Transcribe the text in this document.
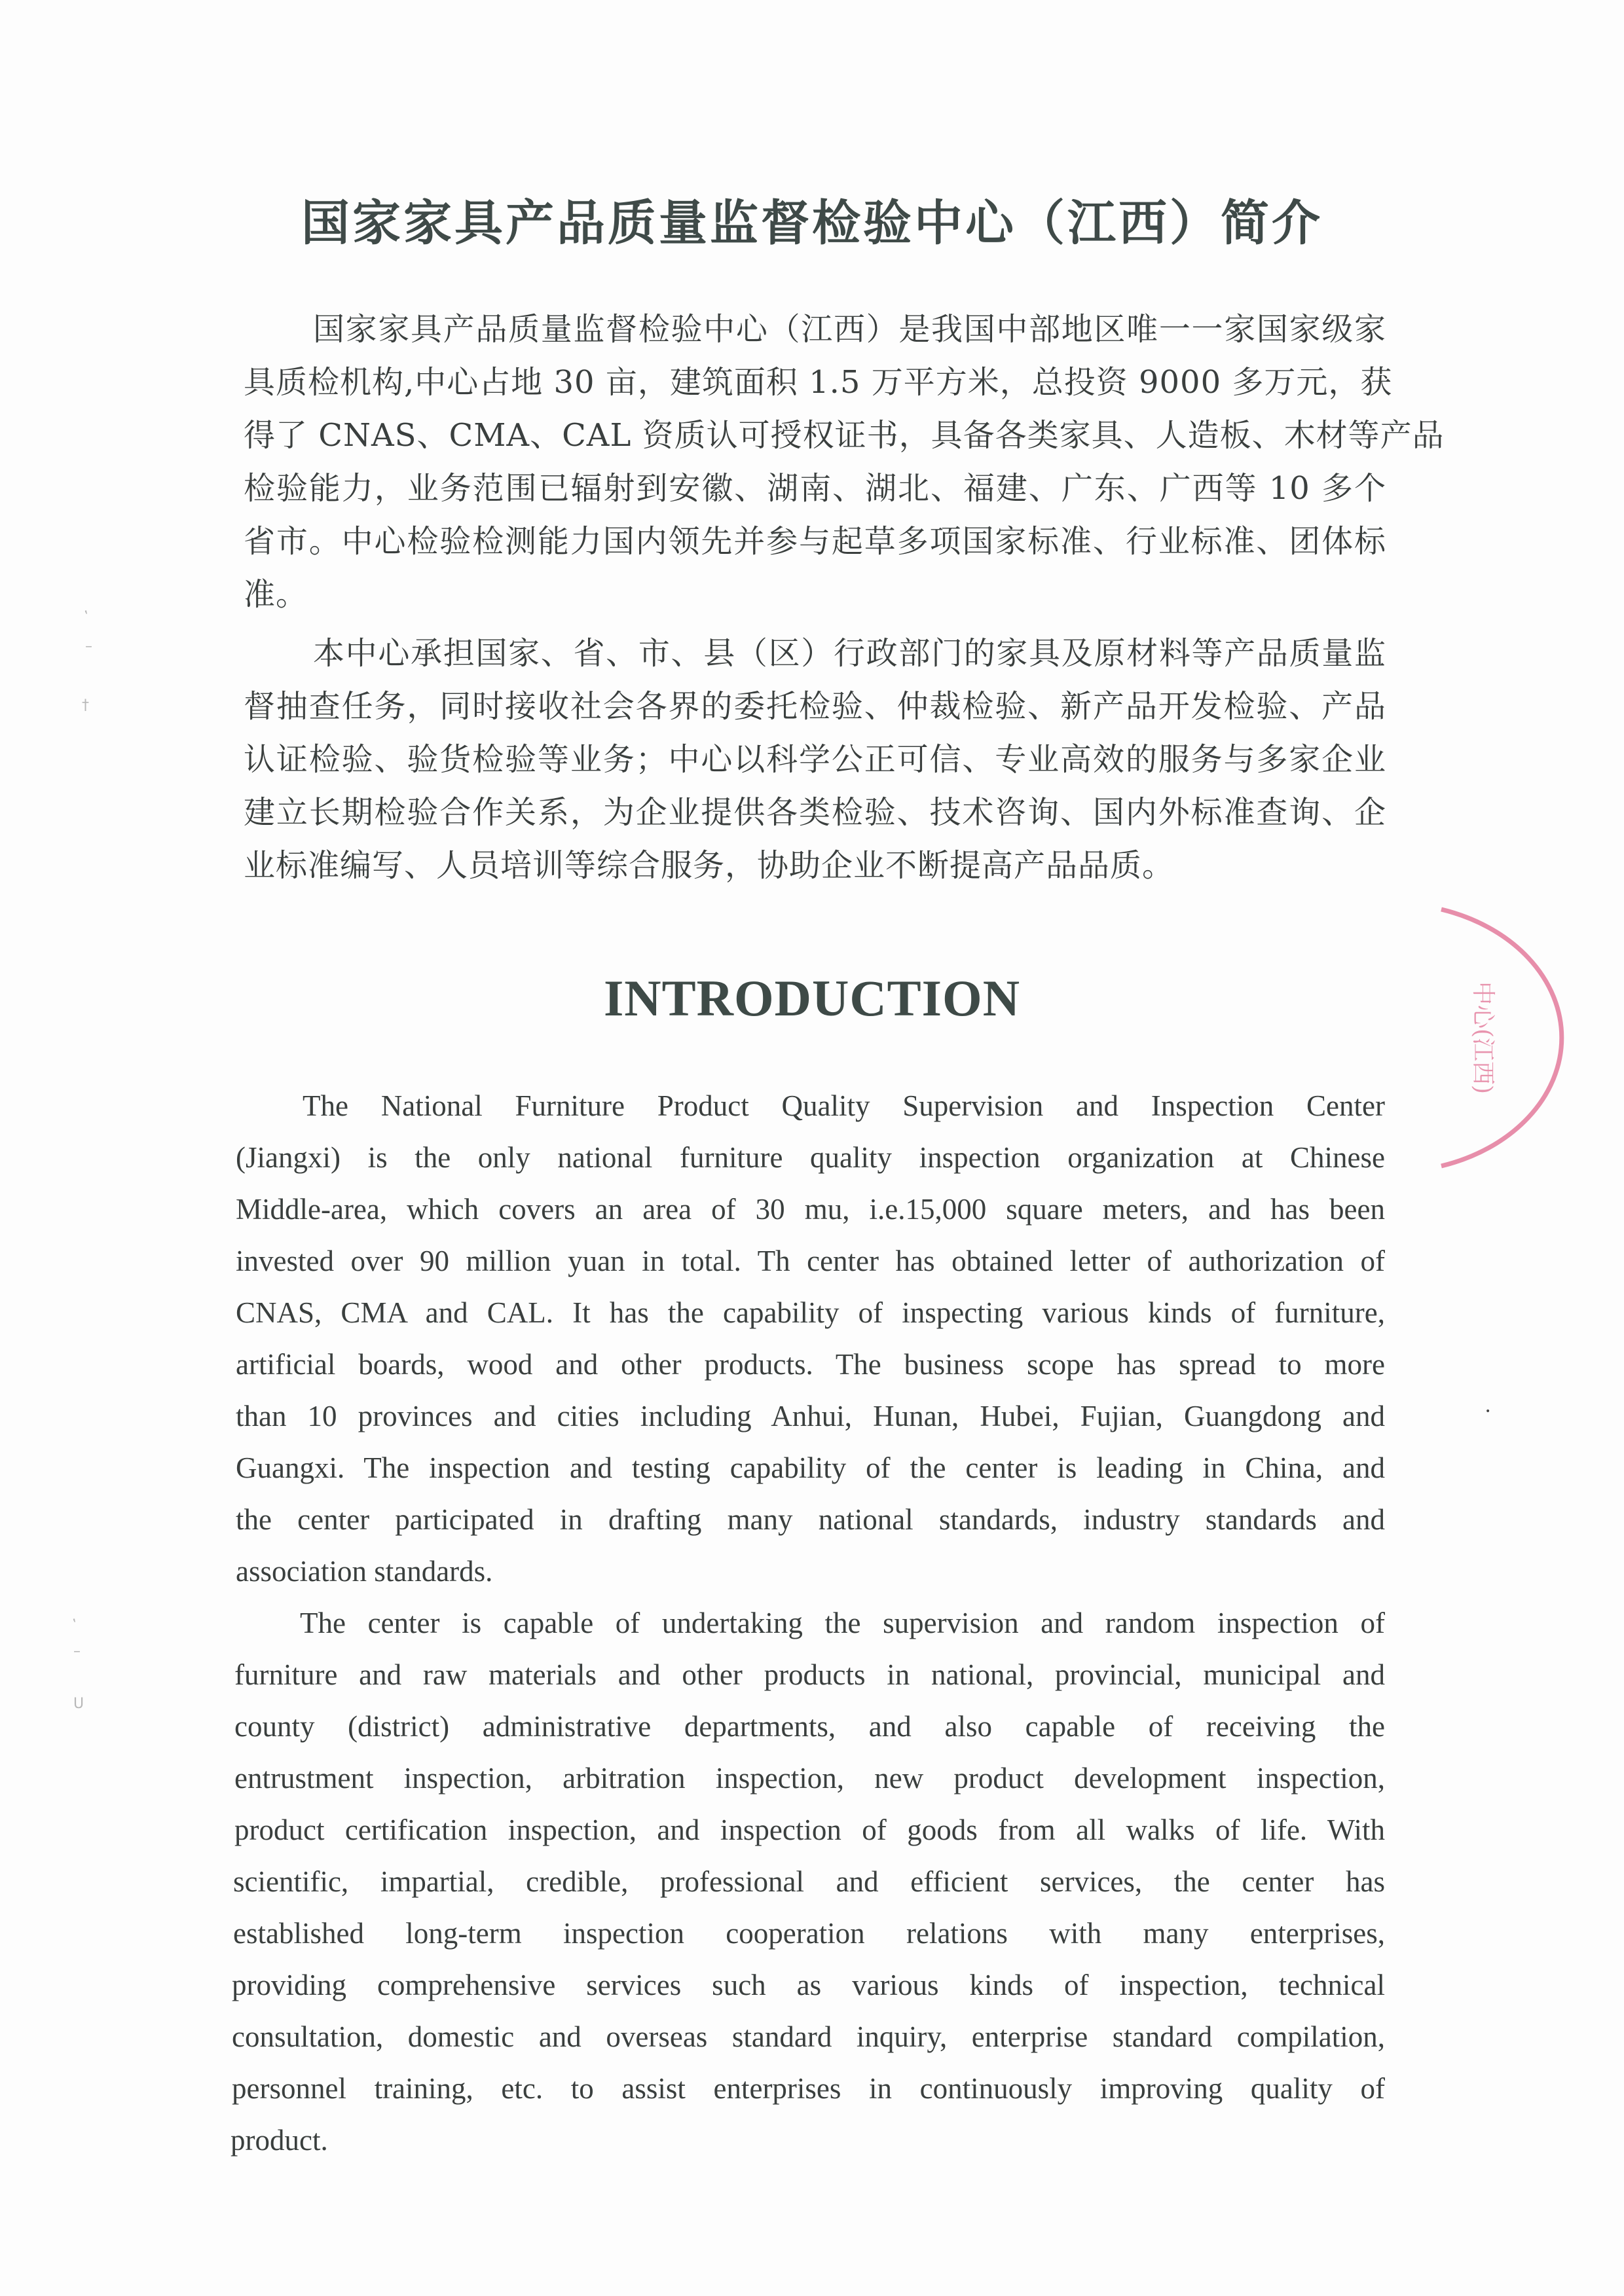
国家家具产品质量监督检验中心（江西）简介
国家家具产品质量监督检验中心（江西）是我国中部地区唯一一家国家级家
具质检机构,中心占地 30 亩，建筑面积 1.5 万平方米，总投资 9000 多万元，获
得了 CNAS、CMA、CAL 资质认可授权证书，具备各类家具、人造板、木材等产品
检验能力，业务范围已辐射到安徽、湖南、湖北、福建、广东、广西等 10 多个
省市。中心检验检测能力国内领先并参与起草多项国家标准、行业标准、团体标
准。
本中心承担国家、省、市、县（区）行政部门的家具及原材料等产品质量监
督抽查任务，同时接收社会各界的委托检验、仲裁检验、新产品开发检验、产品
认证检验、验货检验等业务；中心以科学公正可信、专业高效的服务与多家企业
建立长期检验合作关系，为企业提供各类检验、技术咨询、国内外标准查询、企
业标准编写、人员培训等综合服务，协助企业不断提高产品品质。
INTRODUCTION
The National Furniture Product Quality Supervision and Inspection Center
(Jiangxi) is the only national furniture quality inspection organization at Chinese
Middle-area, which covers an area of 30 mu, i.e.15,000 square meters, and has been
invested over 90 million yuan in total. Th center has obtained letter of authorization of
CNAS, CMA and CAL. It has the capability of inspecting various kinds of furniture,
artificial boards, wood and other products. The business scope has spread to more
than 10 provinces and cities including Anhui, Hunan, Hubei, Fujian, Guangdong and
Guangxi. The inspection and testing capability of the center is leading in China, and
the center participated in drafting many national standards, industry standards and
association standards.
The center is capable of undertaking the supervision and random inspection of
furniture and raw materials and other products in national, provincial, municipal and
county (district) administrative departments, and also capable of receiving the
entrustment inspection, arbitration inspection, new product development inspection,
product certification inspection, and inspection of goods from all walks of life. With
scientific, impartial, credible, professional and efficient services, the center has
established long-term inspection cooperation relations with many enterprises,
providing comprehensive services such as various kinds of inspection, technical
consultation, domestic and overseas standard inquiry, enterprise standard compilation,
personnel training, etc. to assist enterprises in continuously improving quality of
product.
中心(江西)
‛
–
†
‛
–
U
•
